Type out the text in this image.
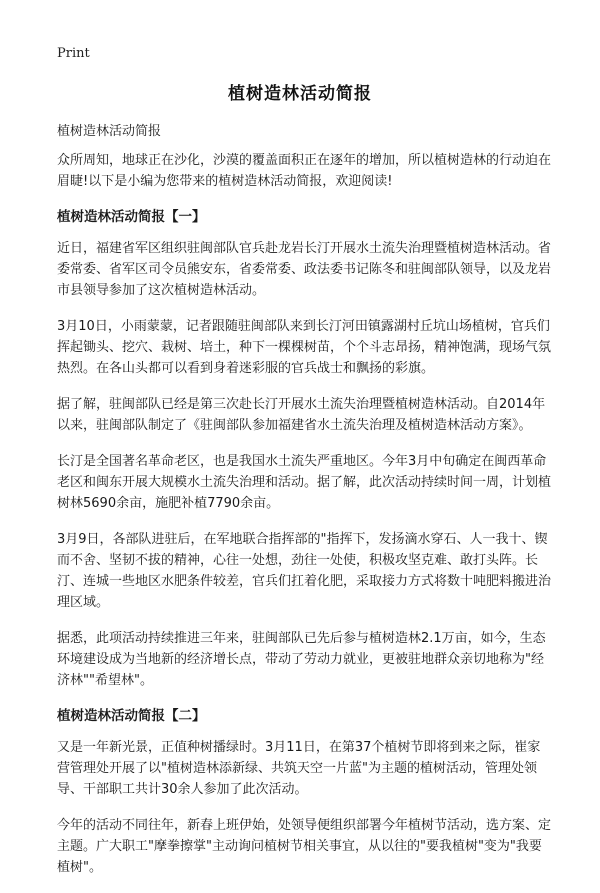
Print
植树造林活动简报

植树造林活动简报

众所周知，地球正在沙化，沙漠的覆盖面积正在逐年的增加，所以植树造林的行动迫在眉睫!以下是小编为您带来的植树造林活动简报，欢迎阅读!

植树造林活动简报【一】

近日，福建省军区组织驻闽部队官兵赴龙岩长汀开展水土流失治理暨植树造林活动。省委常委、省军区司令员熊安东，省委常委、政法委书记陈冬和驻闽部队领导，以及龙岩市县领导参加了这次植树造林活动。

3月10日，小雨蒙蒙，记者跟随驻闽部队来到长汀河田镇露湖村丘坑山场植树，官兵们挥起锄头、挖穴、栽树、培土，种下一棵棵树苗，个个斗志昂扬，精神饱满，现场气氛热烈。在各山头都可以看到身着迷彩服的官兵战士和飘扬的彩旗。

据了解，驻闽部队已经是第三次赴长汀开展水土流失治理暨植树造林活动。自2014年以来，驻闽部队制定了《驻闽部队参加福建省水土流失治理及植树造林活动方案》。

长汀是全国著名革命老区，也是我国水土流失严重地区。今年3月中旬确定在闽西革命老区和闽东开展大规模水土流失治理和活动。据了解，此次活动持续时间一周，计划植树林5690余亩，施肥补植7790余亩。

3月9日，各部队进驻后，在军地联合指挥部的"指挥下，发扬滴水穿石、人一我十、锲而不舍、坚韧不拔的精神，心往一处想，劲往一处使，积极攻坚克难、敢打头阵。长汀、连城一些地区水肥条件较差，官兵们扛着化肥，采取接力方式将数十吨肥料搬进治理区域。

据悉，此项活动持续推进三年来，驻闽部队已先后参与植树造林2.1万亩，如今，生态环境建设成为当地新的经济增长点，带动了劳动力就业，更被驻地群众亲切地称为"经济林""希望林"。

植树造林活动简报【二】

又是一年新光景，正值种树播绿时。3月11日，在第37个植树节即将到来之际，崔家营管理处开展了以"植树造林添新绿、共筑天空一片蓝"为主题的植树活动，管理处领导、干部职工共计30余人参加了此次活动。

今年的活动不同往年，新春上班伊始，处领导便组织部署今年植树节活动，选方案、定主题。广大职工"摩拳擦掌"主动询问植树节相关事宜，从以往的"要我植树"变为"我要植树"。
